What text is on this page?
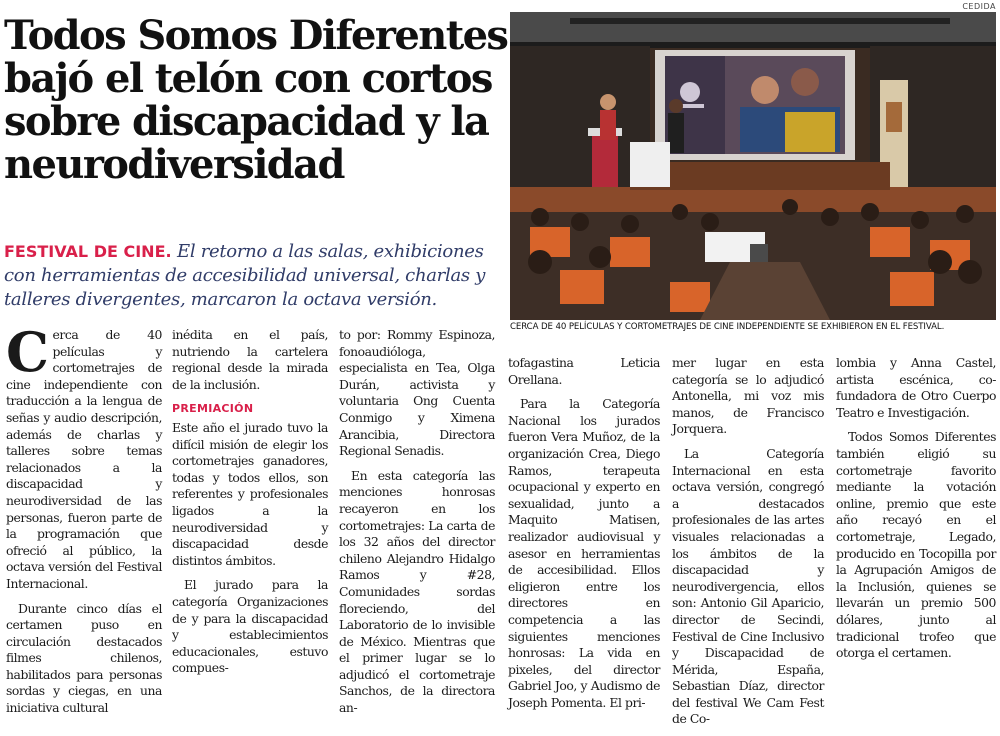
Todos Somos Diferentes
bajó el telón con cortos
sobre discapacidad y la
neurodiversidad

FESTIVAL DE CINE. El retorno a las salas, exhibiciones con herramientas de accesibilidad universal, charlas y talleres divergentes, marcaron la octava versión.

CEDIDA
CERCA DE 40 PELÍCULAS Y CORTOMETRAJES DE CINE INDEPENDIENTE SE EXHIBIERON EN EL FESTIVAL.

Cerca de 40 películas y cortometrajes de cine independiente con traducción a la lengua de señas y audio descripción, además de charlas y talleres sobre temas relacionados a la discapacidad y neurodiversidad de las personas, fueron parte de la programación que ofreció al público, la octava versión del Festival Internacional.

Durante cinco días el certamen puso en circulación destacados filmes chilenos, habilitados para personas sordas y ciegas, en una iniciativa cultural

inédita en el país, nutriendo la cartelera regional desde la mirada de la inclusión.

PREMIACIÓN

Este año el jurado tuvo la difícil misión de elegir los cortometrajes ganadores, todas y todos ellos, son referentes y profesionales ligados a la neurodiversidad y discapacidad desde distintos ámbitos.

El jurado para la categoría Organizaciones de y para la discapacidad y establecimientos educacionales, estuvo compues-

to por: Rommy Espinoza, fonoaudióloga, especialista en Tea, Olga Durán, activista y voluntaria Ong Cuenta Conmigo y Ximena Arancibia, Directora Regional Senadis.

En esta categoría las menciones honrosas recayeron en los cortometrajes: La carta de los 32 años del director chileno Alejandro Hidalgo Ramos y #28, Comunidades sordas floreciendo, del Laboratorio de lo invisible de México. Mientras que el primer lugar se lo adjudicó el cortometraje Sanchos, de la directora an-

tofagastina Leticia Orellana.

Para la Categoría Nacional los jurados fueron Vera Muñoz, de la organización Crea, Diego Ramos, terapeuta ocupacional y experto en sexualidad, junto a Maquito Matisen, realizador audiovisual y asesor en herramientas de accesibilidad. Ellos eligieron entre los directores en competencia a las siguientes menciones honrosas: La vida en pixeles, del director Gabriel Joo, y Audismo de Joseph Pomenta. El pri-

mer lugar en esta categoría se lo adjudicó Antonella, mi voz mis manos, de Francisco Jorquera.

La Categoría Internacional en esta octava versión, congregó a destacados profesionales de las artes visuales relacionadas a los ámbitos de la discapacidad y neurodivergencia, ellos son: Antonio Gil Aparicio, director de Secindi, Festival de Cine Inclusivo y Discapacidad de Mérida, España, Sebastian Díaz, director del festival We Cam Fest de Co-

lombia y Anna Castel, artista escénica, co-fundadora de Otro Cuerpo Teatro e Investigación.

Todos Somos Diferentes también eligió su cortometraje favorito mediante la votación online, premio que este año recayó en el cortometraje, Legado, producido en Tocopilla por la Agrupación Amigos de la Inclusión, quienes se llevarán un premio 500 dólares, junto al tradicional trofeo que otorga el certamen.
